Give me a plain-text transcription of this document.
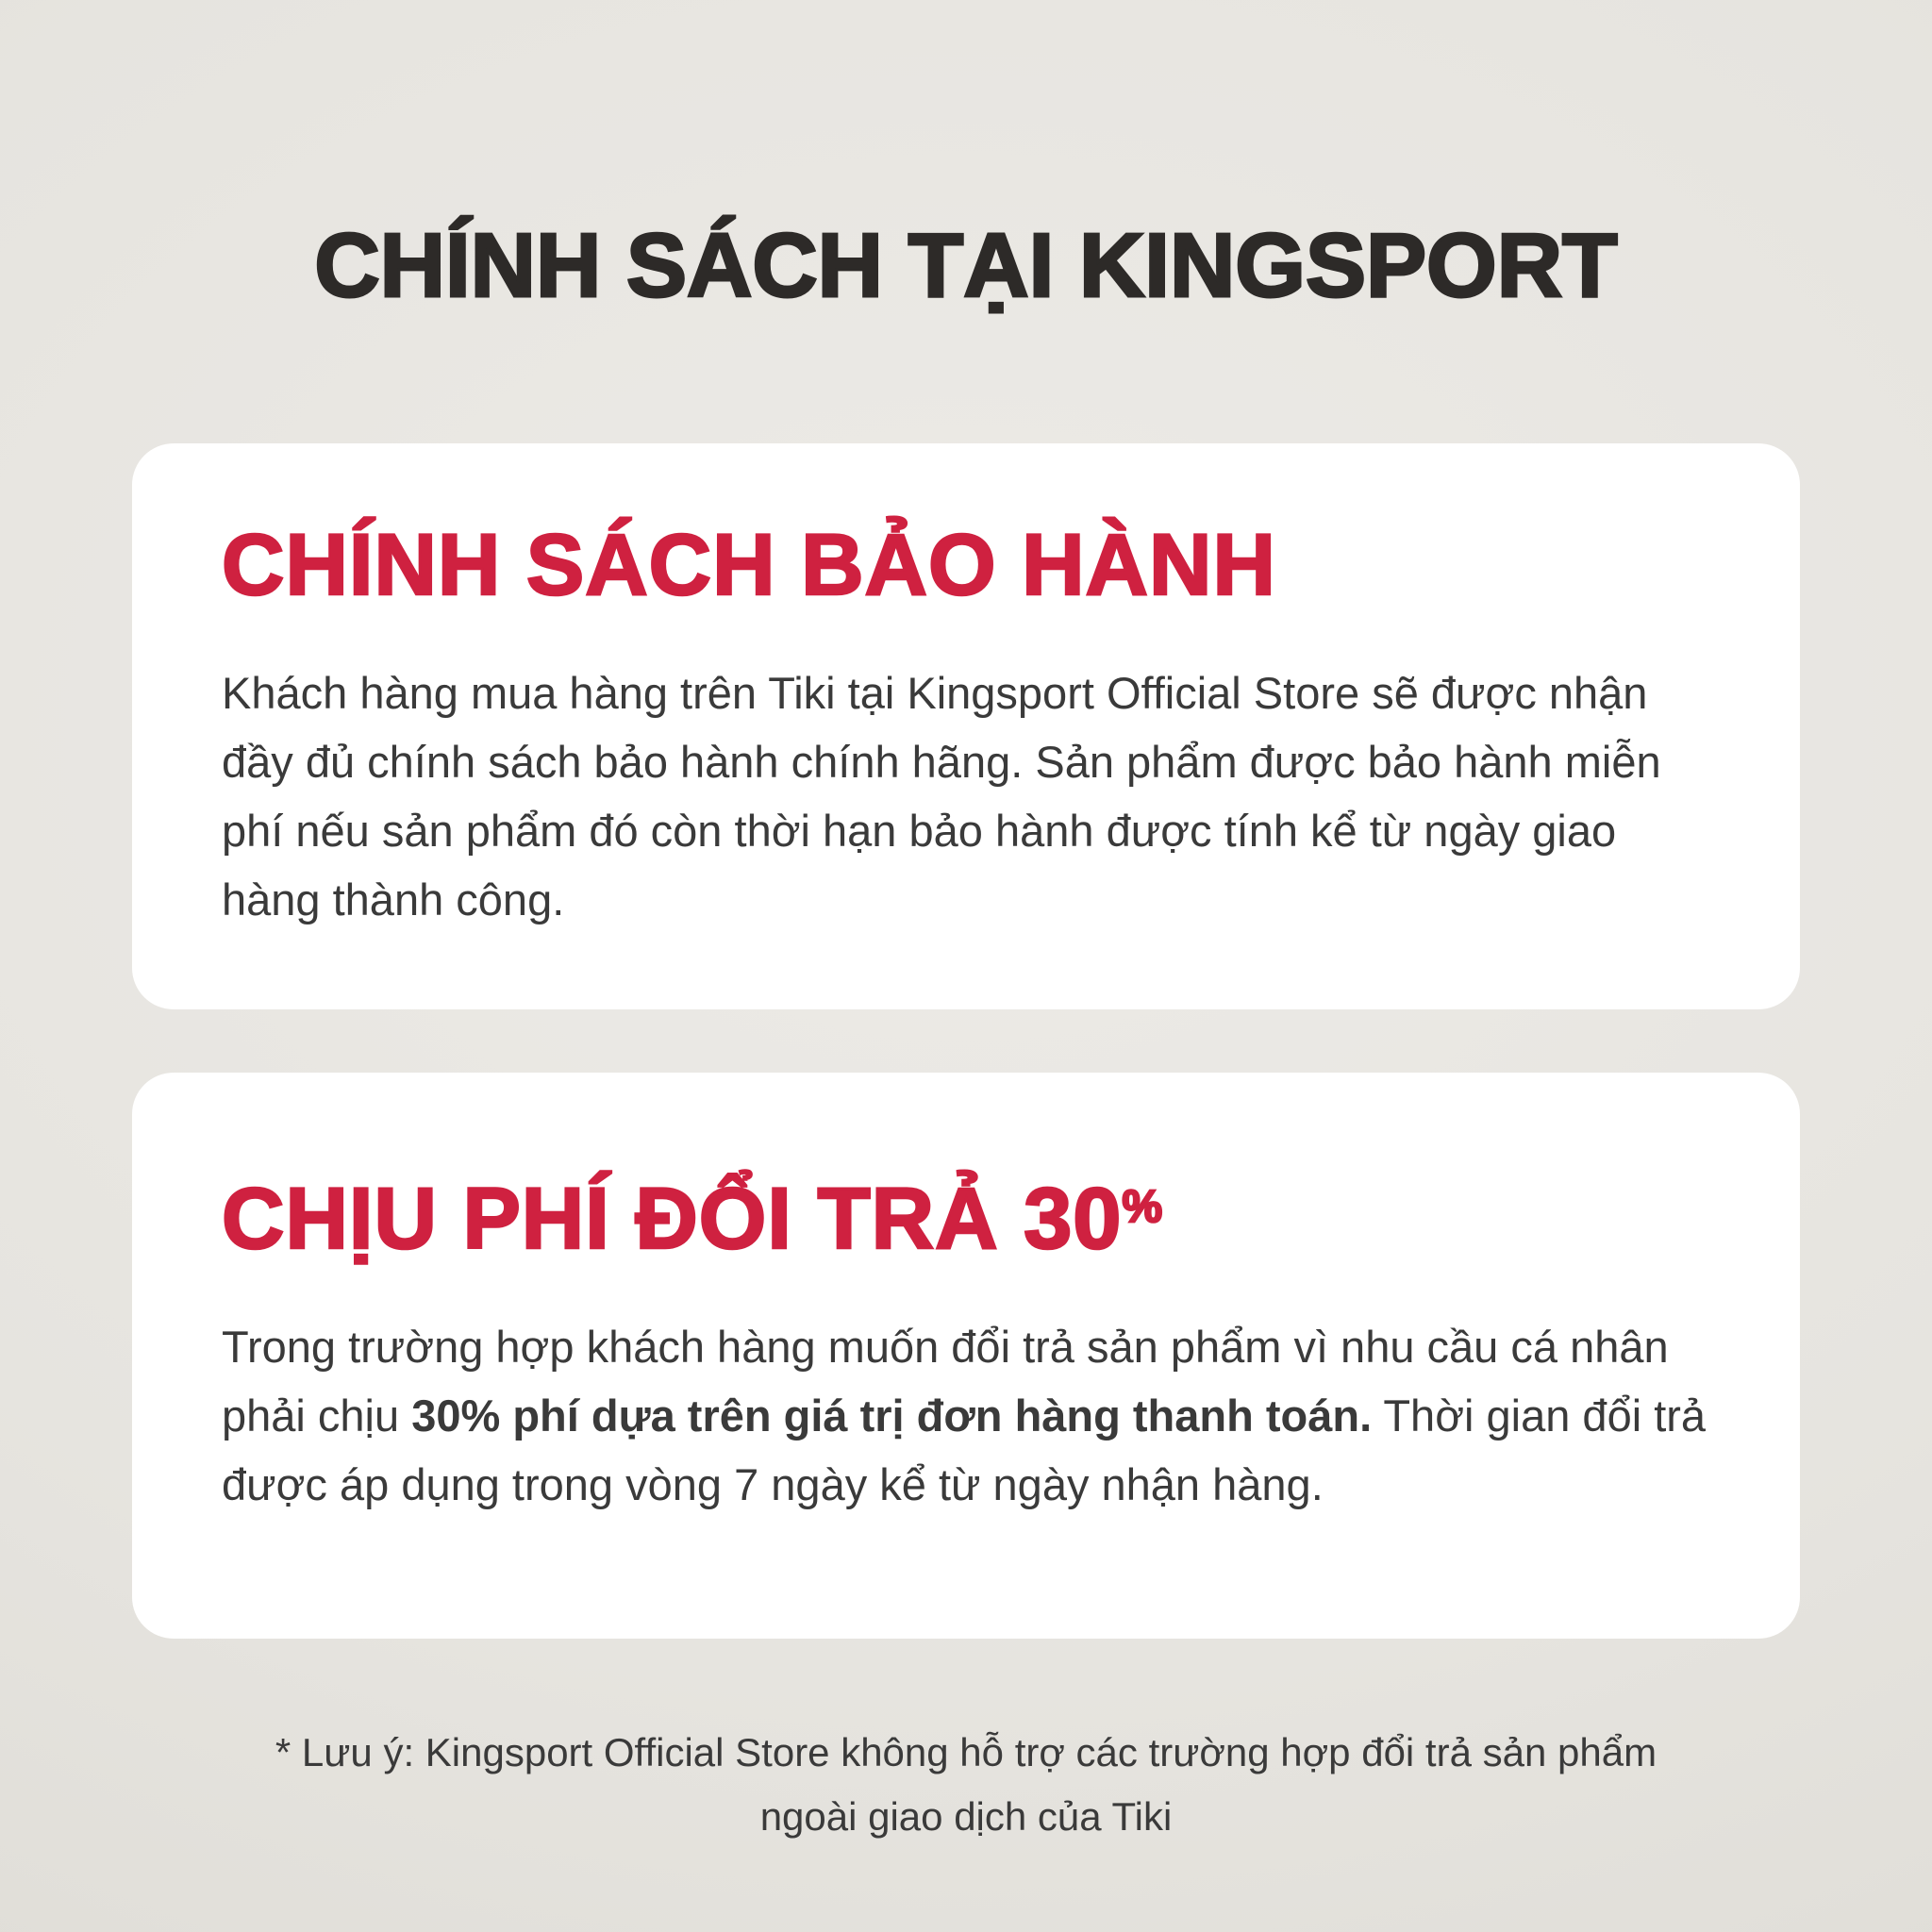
CHÍNH SÁCH TẠI KINGSPORT
CHÍNH SÁCH BẢO HÀNH

Khách hàng mua hàng trên Tiki tại Kingsport Official Store sẽ được nhận đầy đủ chính sách bảo hành chính hãng. Sản phẩm được bảo hành miễn phí nếu sản phẩm đó còn thời hạn bảo hành được tính kể từ ngày giao hàng thành công.

CHỊU PHÍ ĐỔI TRẢ 30%

Trong trường hợp khách hàng muốn đổi trả sản phẩm vì nhu cầu cá nhân phải chịu 30% phí dựa trên giá trị đơn hàng thanh toán. Thời gian đổi trả được áp dụng trong vòng 7 ngày kể từ ngày nhận hàng.

* Lưu ý: Kingsport Official Store không hỗ trợ các trường hợp đổi trả sản phẩm
ngoài giao dịch của Tiki
